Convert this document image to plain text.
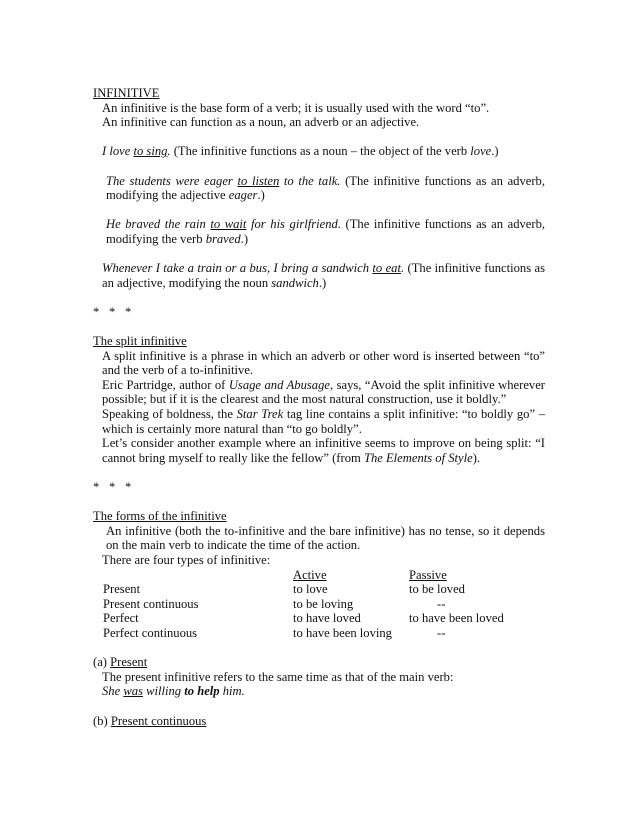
INFINITIVE

An infinitive is the base form of a verb; it is usually used with the word “to”.

An infinitive can function as a noun, an adverb or an adjective.

I love to sing. (The infinitive functions as a noun – the object of the verb love.)

The students were eager to listen to the talk. (The infinitive functions as an adverb, modifying the adjective eager.)

He braved the rain to wait for his girlfriend. (The infinitive functions as an adverb, modifying the verb braved.)

Whenever I take a train or a bus, I bring a sandwich to eat. (The infinitive functions as an adjective, modifying the noun sandwich.)

* * *

The split infinitive

A split infinitive is a phrase in which an adverb or other word is inserted between “to” and the verb of a to-infinitive.

Eric Partridge, author of Usage and Abusage, says, “Avoid the split infinitive wherever possible; but if it is the clearest and the most natural construction, use it boldly.”

Speaking of boldness, the Star Trek tag line contains a split infinitive: “to boldly go” – which is certainly more natural than “to go boldly”.

Let’s consider another example where an infinitive seems to improve on being split: “I cannot bring myself to really like the fellow” (from The Elements of Style).

* * *

The forms of the infinitive

An infinitive (both the to-infinitive and the bare infinitive) has no tense, so it depends on the main verb to indicate the time of the action.

There are four types of infinitive:

	Active	Passive
Present	to love	to be loved
Present continuous	to be loving	--
Perfect	to have loved	to have been loved
Perfect continuous	to have been loving	--

(a) Present

The present infinitive refers to the same time as that of the main verb:

She was willing to help him.

(b) Present continuous
